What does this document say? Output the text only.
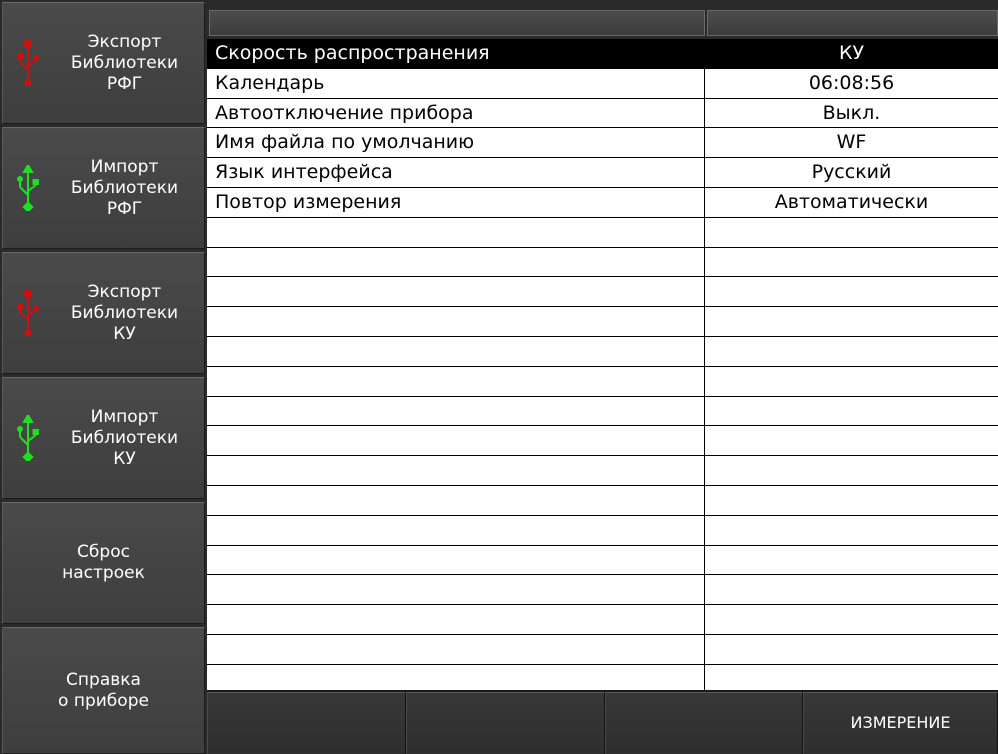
Экспорт
Библиотеки
РФГ
Импорт
Библиотеки
РФГ
Экспорт
Библиотеки
КУ
Импорт
Библиотеки
КУ
Сброс
настроек
Справка
о приборе
Скорость распространения	КУ
Календарь	06:08:56
Автоотключение прибора	Выкл.
Имя файла по умолчанию	WF
Язык интерфейса	Русский
Повтор измерения	Автоматически
ИЗМЕРЕНИЕ
